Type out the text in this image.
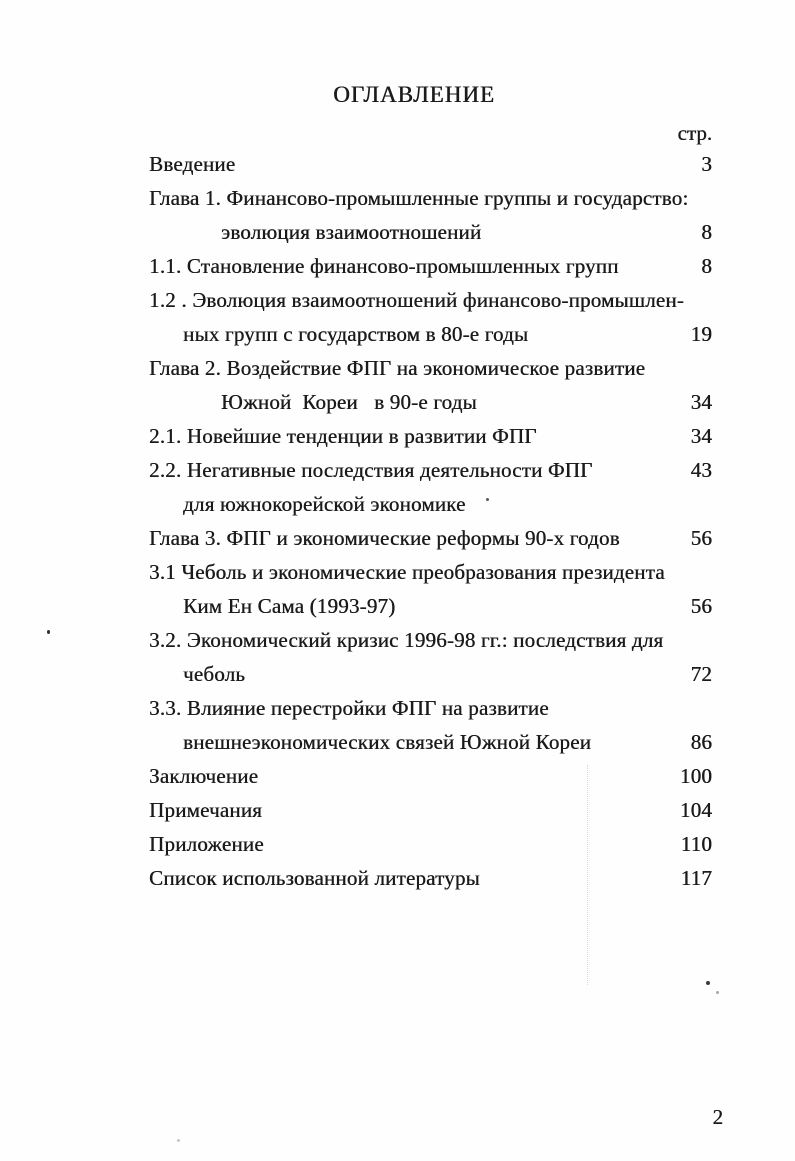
ОГЛАВЛЕНИЕ
стр.
Введение	3
Глава 1. Финансово-промышленные группы и государство:
эволюция взаимоотношений	8
1.1. Становление финансово-промышленных групп	8
1.2 . Эволюция взаимоотношений финансово-промышлен-
ных групп с государством в 80-е годы	19
Глава 2. Воздействие ФПГ на экономическое развитие
Южной  Кореи   в 90-е годы	34
2.1. Новейшие тенденции в развитии ФПГ	34
2.2. Негативные последствия деятельности ФПГ	43
для южнокорейской экономике
Глава 3. ФПГ и экономические реформы 90-х годов	56
3.1 Чеболь и экономические преобразования президента
Ким Ен Сама (1993-97)	56
3.2. Экономический кризис 1996-98 гг.: последствия для
чеболь	72
3.3. Влияние перестройки ФПГ на развитие
внешнеэкономических связей Южной Кореи	86
Заключение	100
Примечания	104
Приложение	110
Список использованной литературы	117
2
